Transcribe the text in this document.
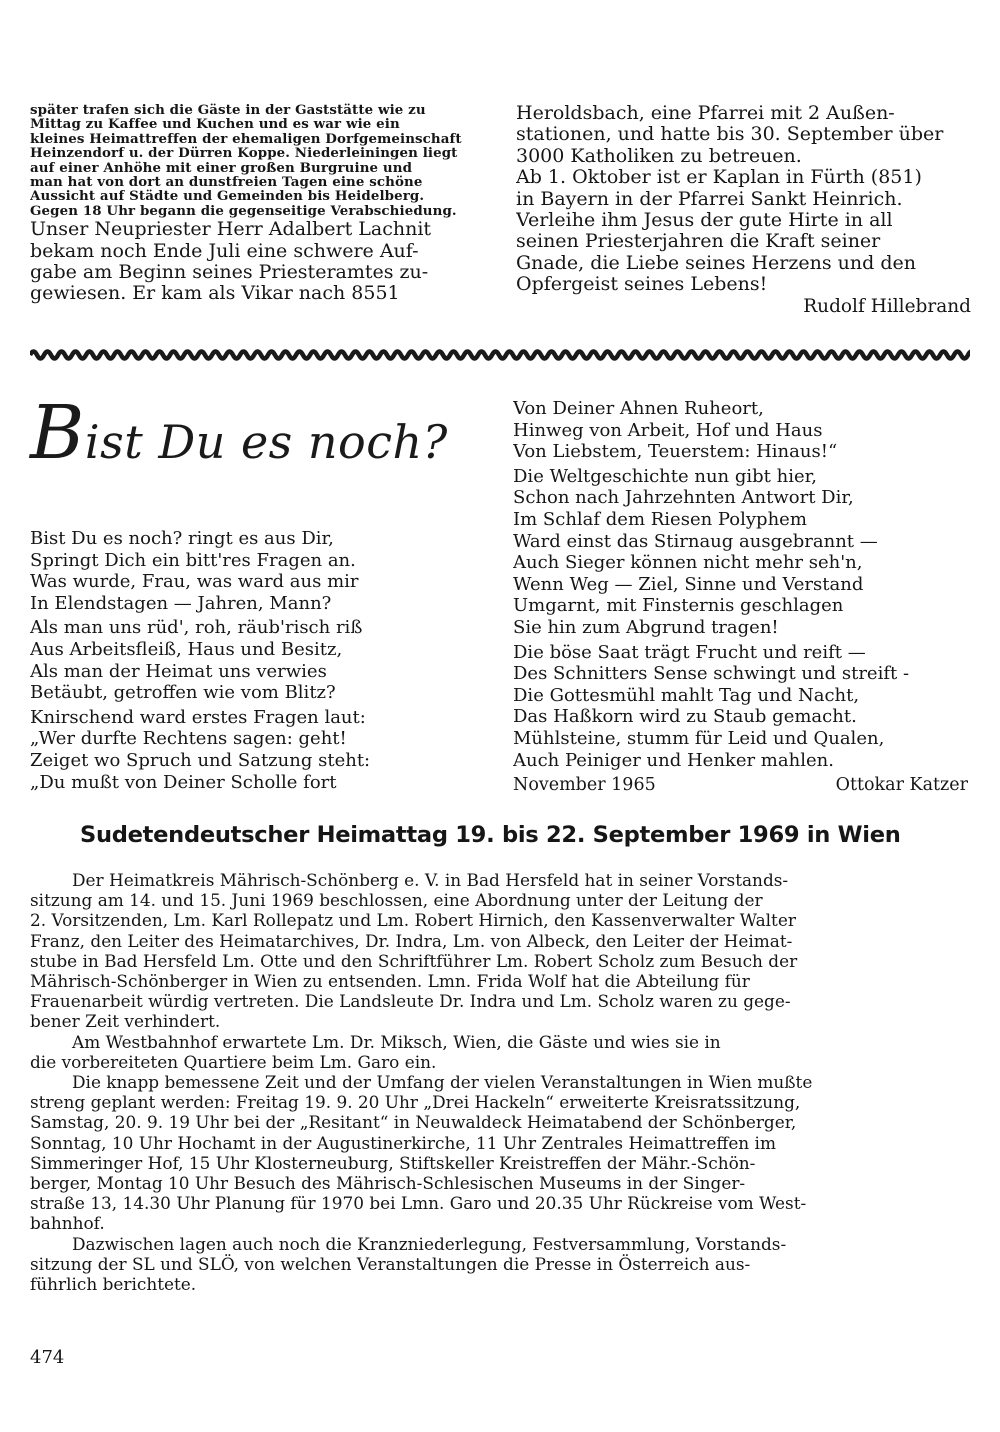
später trafen sich die Gäste in der Gaststätte wie zu
Mittag zu Kaffee und Kuchen und es war wie ein
kleines Heimattreffen der ehemaligen Dorfgemeinschaft
Heinzendorf u. der Dürren Koppe. Niederleiningen liegt
auf einer Anhöhe mit einer großen Burgruine und
man hat von dort an dunstfreien Tagen eine schöne
Aussicht auf Städte und Gemeinden bis Heidelberg.
Gegen 18 Uhr begann die gegenseitige Verabschiedung.
Unser Neupriester Herr Adalbert Lachnit
bekam noch Ende Juli eine schwere Auf-
gabe am Beginn seines Priesteramtes zu-
gewiesen. Er kam als Vikar nach 8551
Heroldsbach, eine Pfarrei mit 2 Außen-
stationen, und hatte bis 30. September über
3000 Katholiken zu betreuen.
Ab 1. Oktober ist er Kaplan in Fürth (851)
in Bayern in der Pfarrei Sankt Heinrich.
Verleihe ihm Jesus der gute Hirte in all
seinen Priesterjahren die Kraft seiner
Gnade, die Liebe seines Herzens und den
Opfergeist seines Lebens!
Rudolf Hillebrand
Bist Du es noch?
Bist Du es noch? ringt es aus Dir,
Springt Dich ein bitt'res Fragen an.
Was wurde, Frau, was ward aus mir
In Elendstagen — Jahren, Mann?
Als man uns rüd', roh, räub'risch riß
Aus Arbeitsfleiß, Haus und Besitz,
Als man der Heimat uns verwies
Betäubt, getroffen wie vom Blitz?
Knirschend ward erstes Fragen laut:
„Wer durfte Rechtens sagen: geht!
Zeiget wo Spruch und Satzung steht:
„Du mußt von Deiner Scholle fort
Von Deiner Ahnen Ruheort,
Hinweg von Arbeit, Hof und Haus
Von Liebstem, Teuerstem: Hinaus!“
Die Weltgeschichte nun gibt hier,
Schon nach Jahrzehnten Antwort Dir,
Im Schlaf dem Riesen Polyphem
Ward einst das Stirnaug ausgebrannt —
Auch Sieger können nicht mehr seh'n,
Wenn Weg — Ziel, Sinne und Verstand
Umgarnt, mit Finsternis geschlagen
Sie hin zum Abgrund tragen!
Die böse Saat trägt Frucht und reift —
Des Schnitters Sense schwingt und streift -
Die Gottesmühl mahlt Tag und Nacht,
Das Haßkorn wird zu Staub gemacht.
Mühlsteine, stumm für Leid und Qualen,
Auch Peiniger und Henker mahlen.
November 1965	Ottokar Katzer
Sudetendeutscher Heimattag 19. bis 22. September 1969 in Wien

Der Heimatkreis Mährisch-Schönberg e. V. in Bad Hersfeld hat in seiner Vorstands-
sitzung am 14. und 15. Juni 1969 beschlossen, eine Abordnung unter der Leitung der
2. Vorsitzenden, Lm. Karl Rollepatz und Lm. Robert Hirnich, den Kassenverwalter Walter
Franz, den Leiter des Heimatarchives, Dr. Indra, Lm. von Albeck, den Leiter der Heimat-
stube in Bad Hersfeld Lm. Otte und den Schriftführer Lm. Robert Scholz zum Besuch der
Mährisch-Schönberger in Wien zu entsenden. Lmn. Frida Wolf hat die Abteilung für
Frauenarbeit würdig vertreten. Die Landsleute Dr. Indra und Lm. Scholz waren zu gege-
bener Zeit verhindert.

Am Westbahnhof erwartete Lm. Dr. Miksch, Wien, die Gäste und wies sie in
die vorbereiteten Quartiere beim Lm. Garo ein.

Die knapp bemessene Zeit und der Umfang der vielen Veranstaltungen in Wien mußte
streng geplant werden: Freitag 19. 9. 20 Uhr „Drei Hackeln“ erweiterte Kreisratssitzung,
Samstag, 20. 9. 19 Uhr bei der „Resitant“ in Neuwaldeck Heimatabend der Schönberger,
Sonntag, 10 Uhr Hochamt in der Augustinerkirche, 11 Uhr Zentrales Heimattreffen im
Simmeringer Hof, 15 Uhr Klosterneuburg, Stiftskeller Kreistreffen der Mähr.-Schön-
berger, Montag 10 Uhr Besuch des Mährisch-Schlesischen Museums in der Singer-
straße 13, 14.30 Uhr Planung für 1970 bei Lmn. Garo und 20.35 Uhr Rückreise vom West-
bahnhof.

Dazwischen lagen auch noch die Kranzniederlegung, Festversammlung, Vorstands-
sitzung der SL und SLÖ, von welchen Veranstaltungen die Presse in Österreich aus-
führlich berichtete.

474
